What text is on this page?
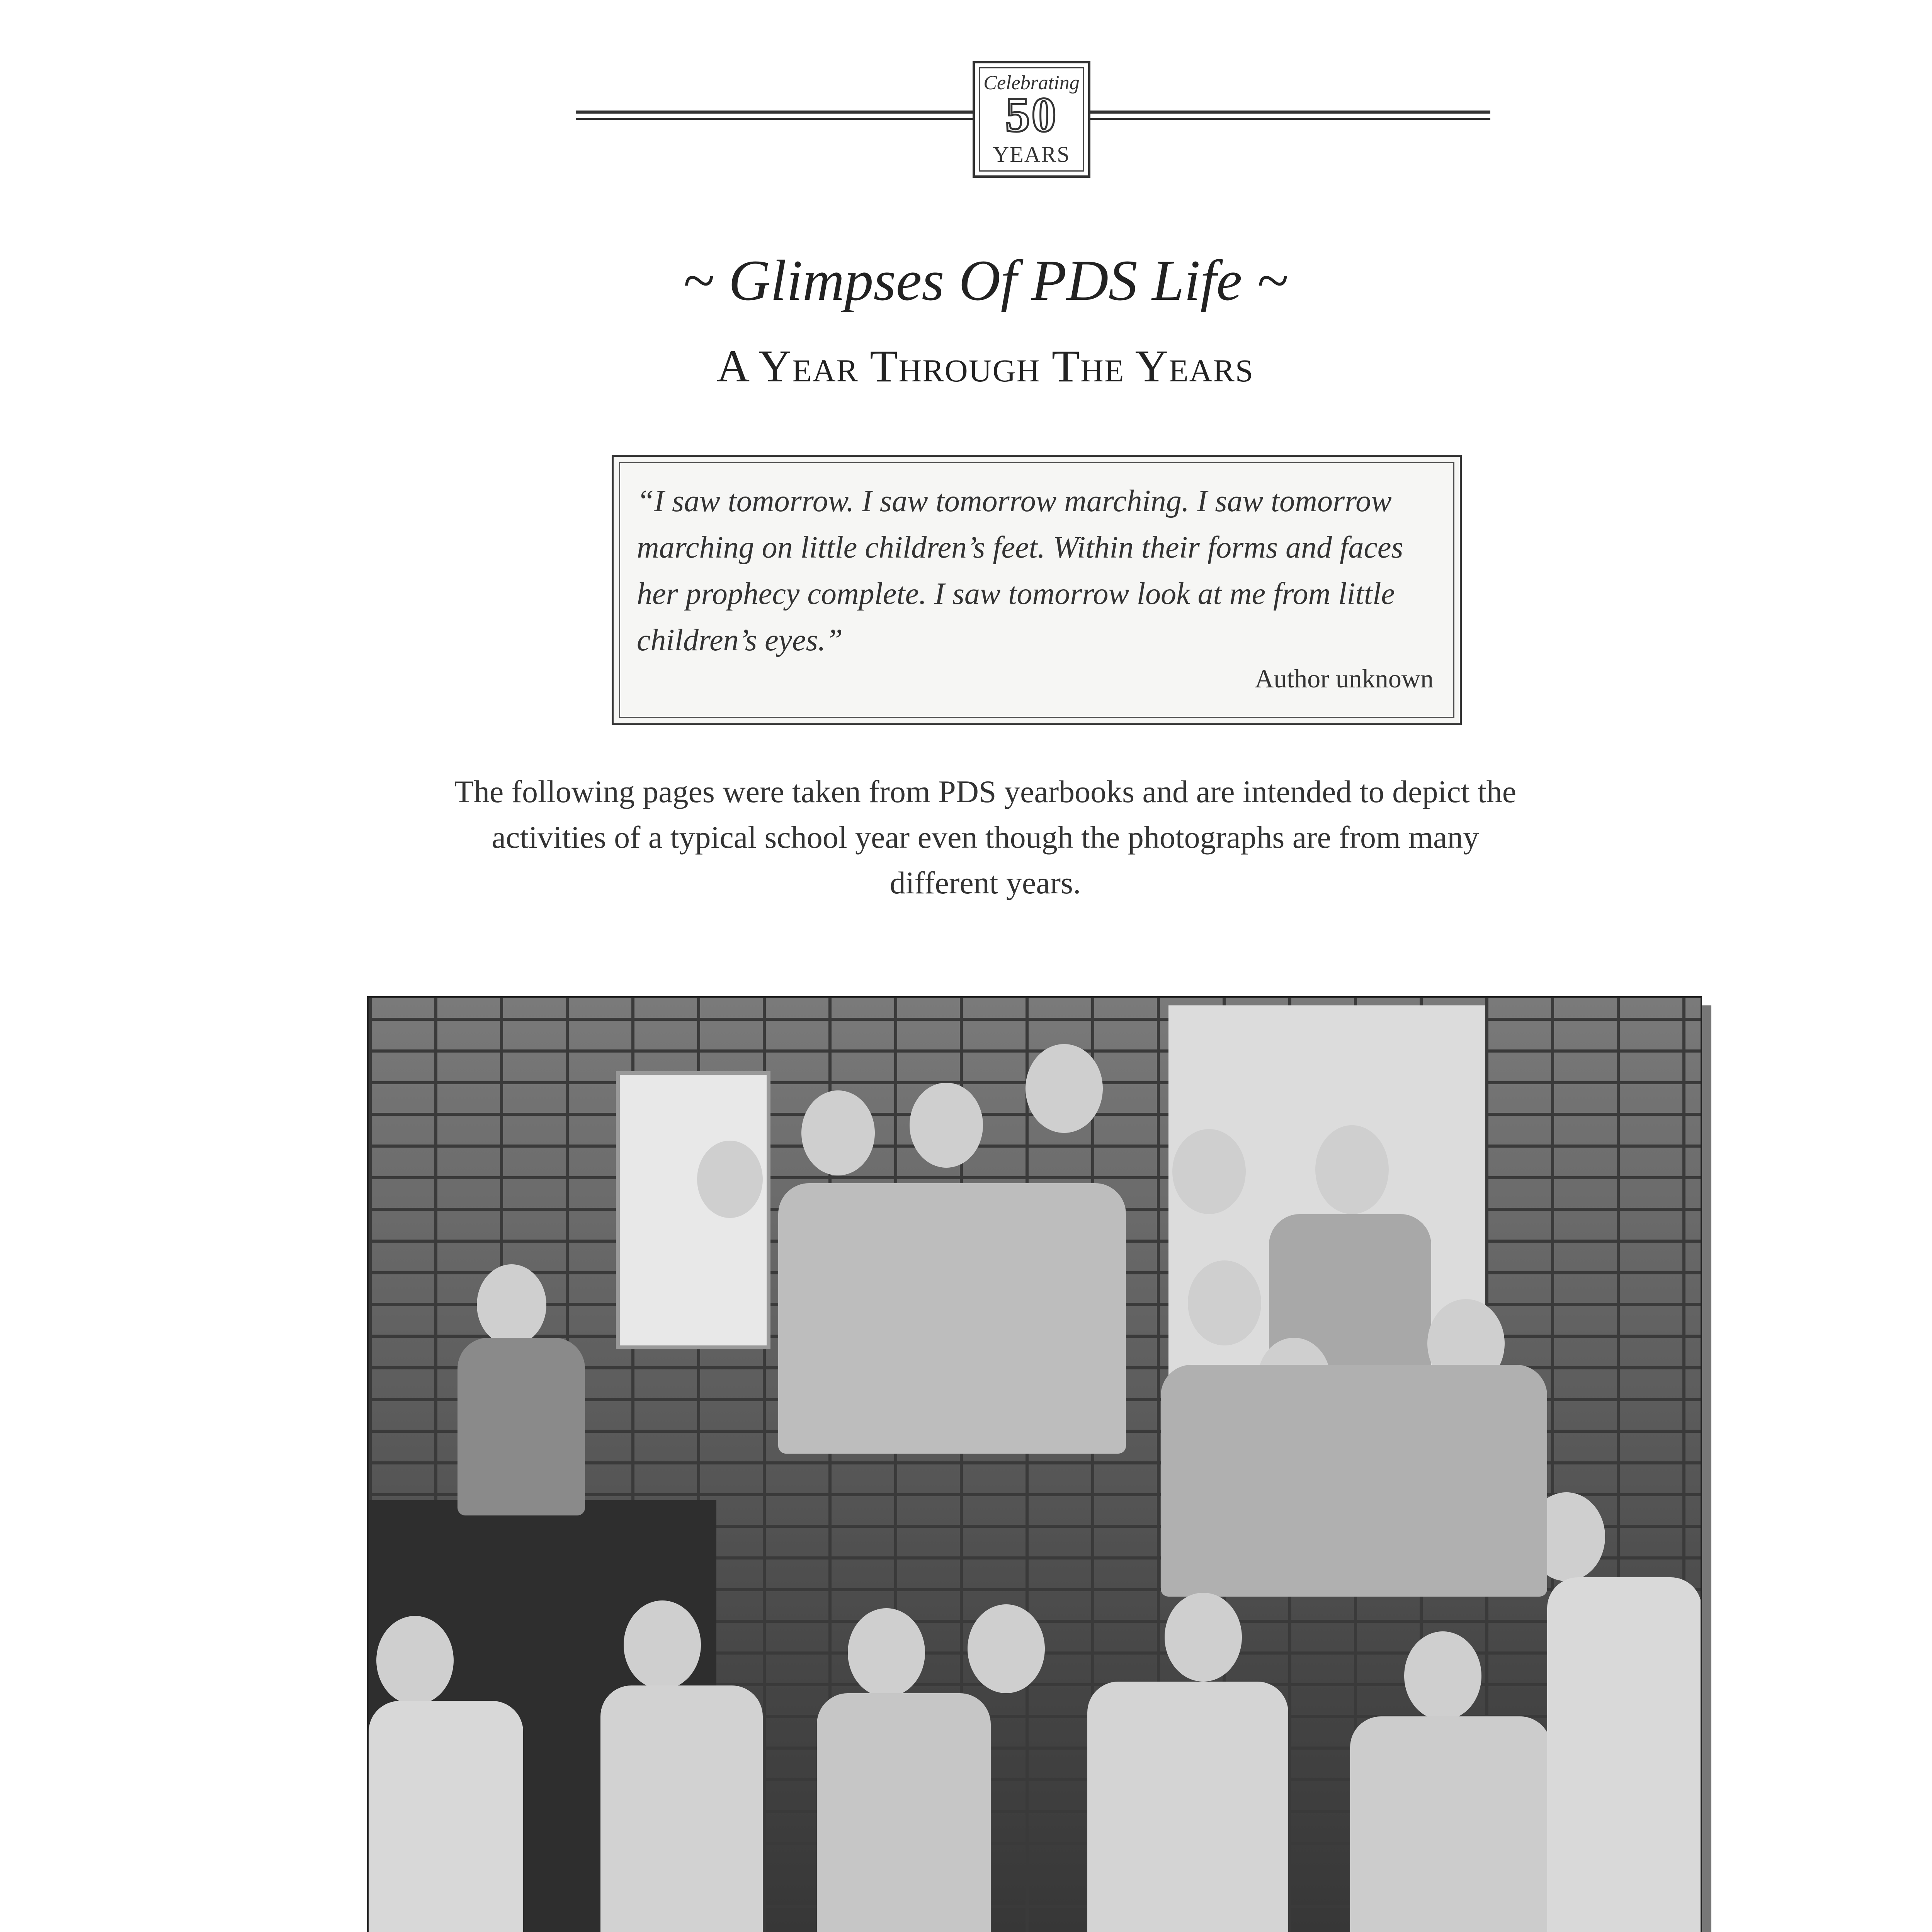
Celebrating
50
YEARS
~ Glimpses Of PDS Life ~
A Year Through The Years
“I saw tomorrow. I saw tomorrow marching. I saw tomorrow marching on little children’s feet. Within their forms and faces her prophecy complete. I saw tomorrow look at me from little children’s eyes.”
Author unknown
The following pages were taken from PDS yearbooks and are intended to depict the activities of a typical school year even though the photographs are from many different years.
